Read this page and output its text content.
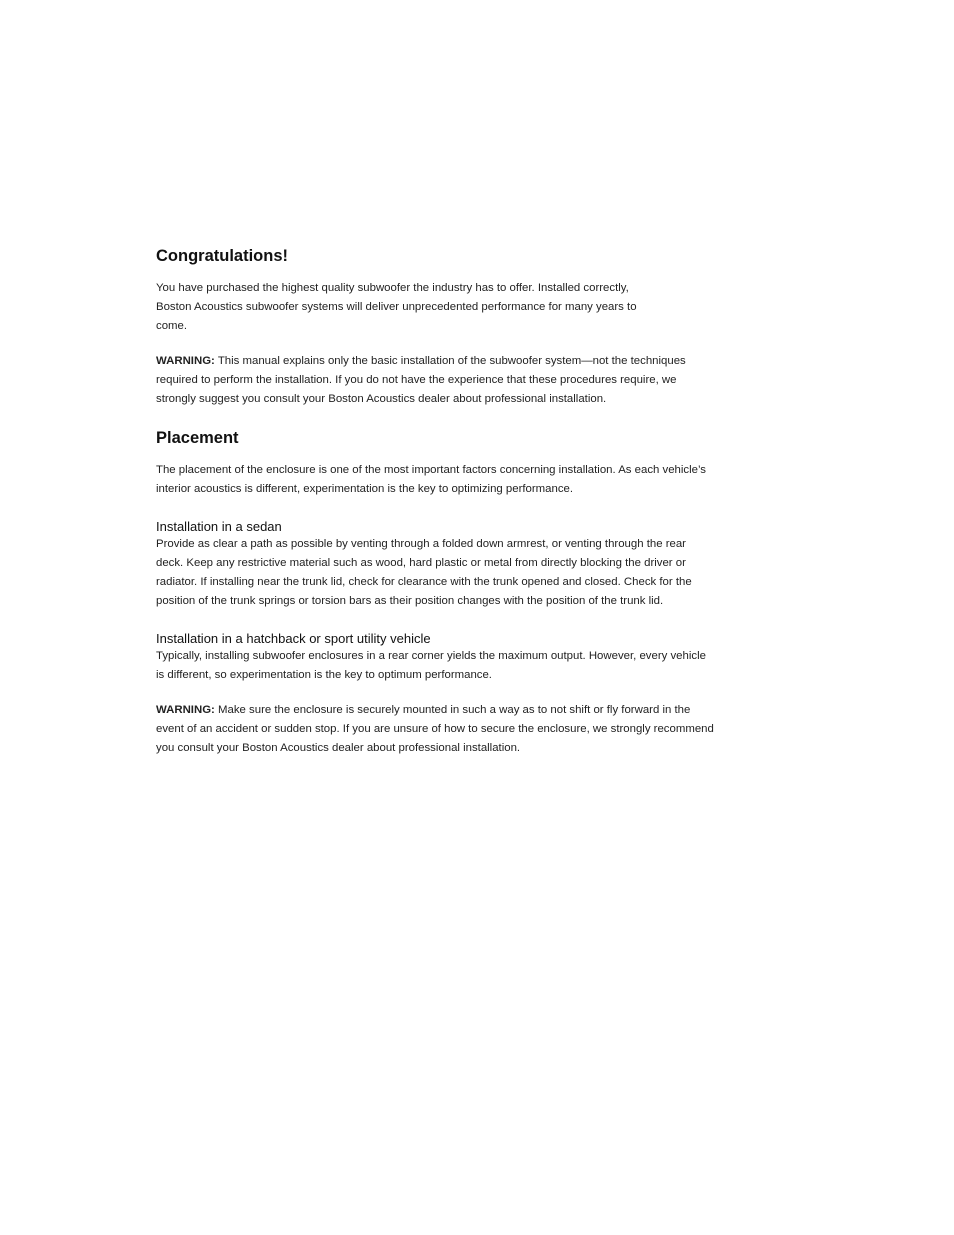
Congratulations!

You have purchased the highest quality subwoofer the industry has to offer. Installed correctly, Boston Acoustics subwoofer systems will deliver unprecedented performance for many years to come.

WARNING: This manual explains only the basic installation of the subwoofer system—not the techniques required to perform the installation. If you do not have the experience that these procedures require, we strongly suggest you consult your Boston Acoustics dealer about professional installation.

Placement

The placement of the enclosure is one of the most important factors concerning installation. As each vehicle’s interior acoustics is different, experimentation is the key to optimizing performance.

Installation in a sedan

Provide as clear a path as possible by venting through a folded down armrest, or venting through the rear deck. Keep any restrictive material such as wood, hard plastic or metal from directly blocking the driver or radiator. If installing near the trunk lid, check for clearance with the trunk opened and closed. Check for the position of the trunk springs or torsion bars as their position changes with the position of the trunk lid.

Installation in a hatchback or sport utility vehicle

Typically, installing subwoofer enclosures in a rear corner yields the maximum output. However, every vehicle is different, so experimentation is the key to optimum performance.

WARNING: Make sure the enclosure is securely mounted in such a way as to not shift or fly forward in the event of an accident or sudden stop. If you are unsure of how to secure the enclosure, we strongly recommend you consult your Boston Acoustics dealer about professional installation.
